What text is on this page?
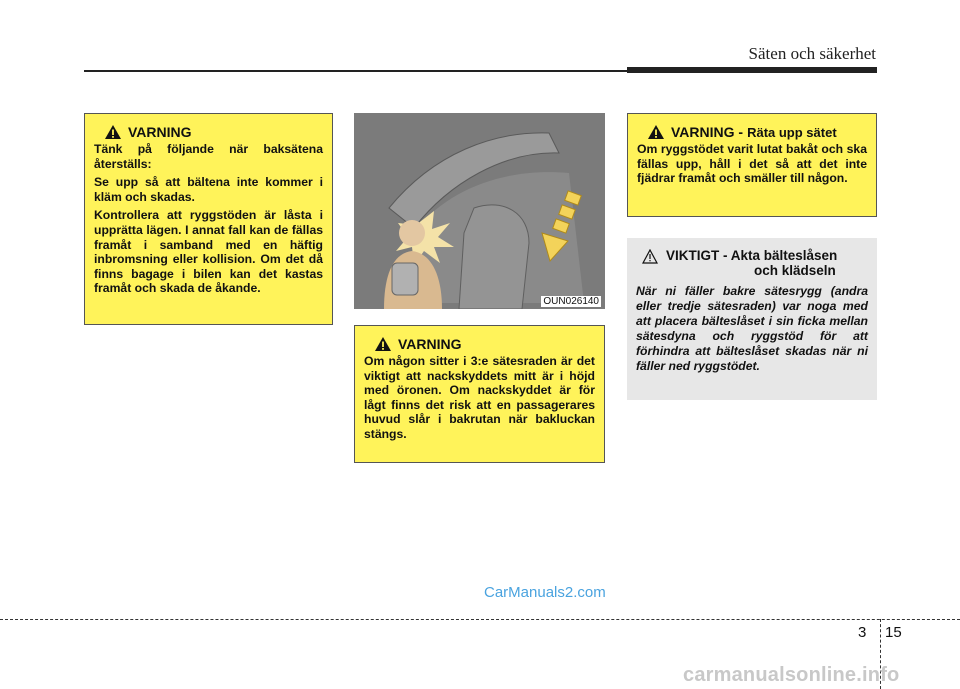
Säten och säkerhet
VARNING

Tänk på följande när baksätena återställs:

Se upp så att bältena inte kommer i kläm och skadas.

Kontrollera att ryggstöden är låsta i upprätta lägen. I annat fall kan de fällas framåt i samband med en häftig inbromsning eller kollision. Om det då finns bagage i bilen kan det kastas framåt och skada de åkande.

OUN026140
VARNING

Om någon sitter i 3:e sätesraden är det viktigt att nackskyddets mitt är i höjd med öronen. Om nackskyddet är för lågt finns det risk att en passagerares huvud slår i bakrutan när bakluckan stängs.

VARNING - Räta upp sätet

Om ryggstödet varit lutat bakåt och ska fällas upp, håll i det så att det inte fjädrar framåt och smäller till någon.

VIKTIGT - Akta bälteslåsen
och klädseln
När ni fäller bakre sätesrygg (andra eller tredje sätesraden) var noga med att placera bälteslåset i sin ficka mellan sätesdyna och ryggstöd för att förhindra att bälteslåset skadas när ni fäller ned ryggstödet.
3 15
CarManuals2.com
carmanualsonline.info
